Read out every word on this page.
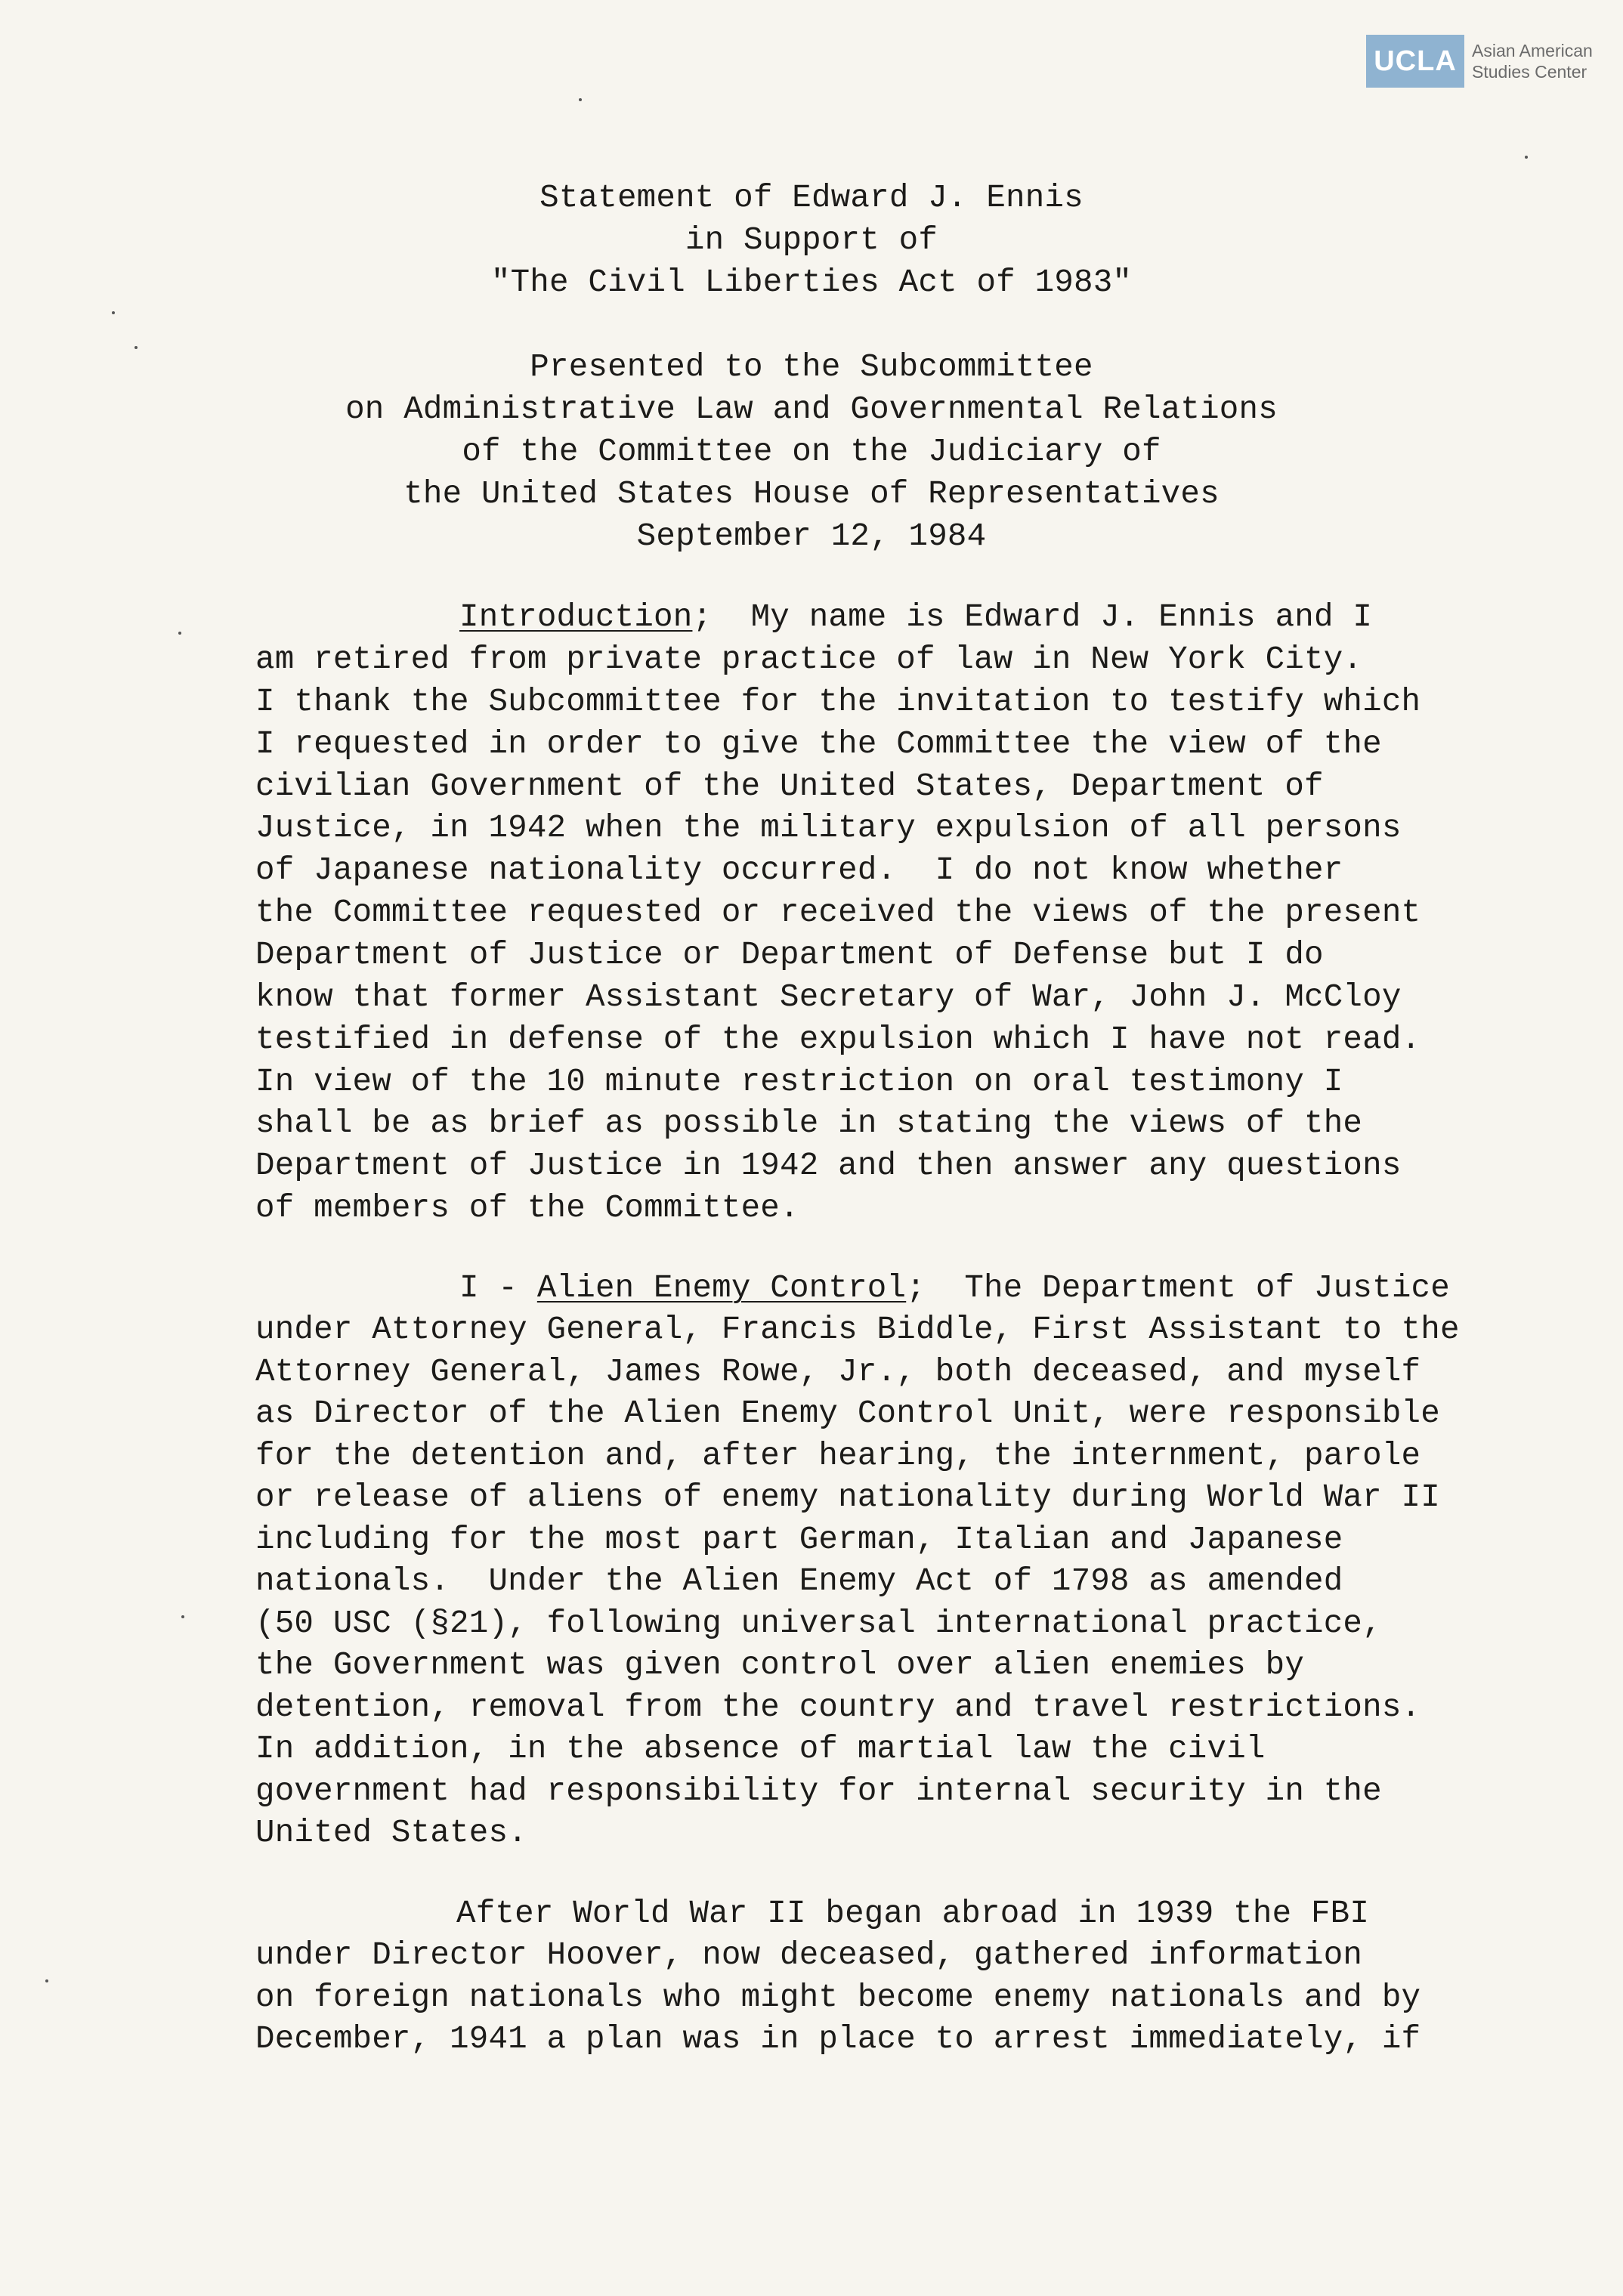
UCLA Asian American
Studies Center
Statement of Edward J. Ennis
in Support of
"The Civil Liberties Act of 1983"
Presented to the Subcommittee
on Administrative Law and Governmental Relations
of the Committee on the Judiciary of
the United States House of Representatives
September 12, 1984
Introduction;  My name is Edward J. Ennis and I
am retired from private practice of law in New York City.
I thank the Subcommittee for the invitation to testify which
I requested in order to give the Committee the view of the
civilian Government of the United States, Department of
Justice, in 1942 when the military expulsion of all persons
of Japanese nationality occurred.  I do not know whether
the Committee requested or received the views of the present
Department of Justice or Department of Defense but I do
know that former Assistant Secretary of War, John J. McCloy
testified in defense of the expulsion which I have not read.
In view of the 10 minute restriction on oral testimony I
shall be as brief as possible in stating the views of the
Department of Justice in 1942 and then answer any questions
of members of the Committee.
I - Alien Enemy Control;  The Department of Justice
under Attorney General, Francis Biddle, First Assistant to the
Attorney General, James Rowe, Jr., both deceased, and myself
as Director of the Alien Enemy Control Unit, were responsible
for the detention and, after hearing, the internment, parole
or release of aliens of enemy nationality during World War II
including for the most part German, Italian and Japanese
nationals.  Under the Alien Enemy Act of 1798 as amended
(50 USC (§21), following universal international practice,
the Government was given control over alien enemies by
detention, removal from the country and travel restrictions.
In addition, in the absence of martial law the civil
government had responsibility for internal security in the
United States.
After World War II began abroad in 1939 the FBI
under Director Hoover, now deceased, gathered information
on foreign nationals who might become enemy nationals and by
December, 1941 a plan was in place to arrest immediately, if
